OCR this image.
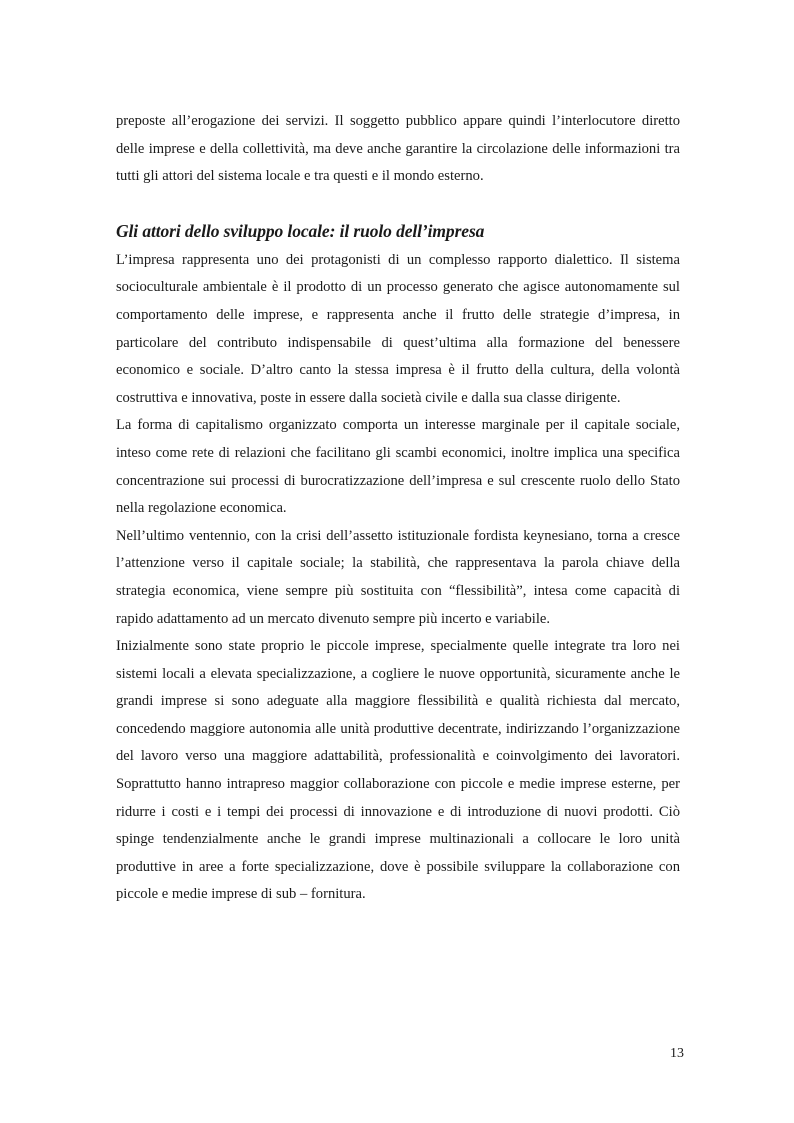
preposte all’erogazione dei servizi. Il soggetto pubblico appare quindi l’interlocutore diretto delle imprese e della collettività, ma deve anche garantire la circolazione delle informazioni tra tutti gli attori del sistema locale e tra questi e il mondo esterno.

Gli attori dello sviluppo locale: il ruolo dell’impresa

L’impresa rappresenta uno dei protagonisti di un complesso rapporto dialettico. Il sistema socioculturale ambientale è il prodotto di un processo generato che agisce autonomamente sul comportamento delle imprese, e rappresenta anche il frutto delle strategie d’impresa, in particolare del contributo indispensabile di quest’ultima alla formazione del benessere economico e sociale. D’altro canto la stessa impresa è il frutto della cultura, della volontà costruttiva e innovativa, poste in essere dalla società civile e dalla sua classe dirigente.

La forma di capitalismo organizzato comporta un interesse marginale per il capitale sociale, inteso come rete di relazioni che facilitano gli scambi economici, inoltre implica una specifica concentrazione sui processi di burocratizzazione dell’impresa e sul crescente ruolo dello Stato nella regolazione economica.

Nell’ultimo ventennio, con la crisi dell’assetto istituzionale fordista keynesiano, torna a cresce l’attenzione verso il capitale sociale; la stabilità, che rappresentava la parola chiave della strategia economica, viene sempre più sostituita con “flessibilità”, intesa come capacità di rapido adattamento ad un mercato divenuto sempre più incerto e variabile.

Inizialmente sono state proprio le piccole imprese, specialmente quelle integrate tra loro nei sistemi locali a elevata specializzazione, a cogliere le nuove opportunità, sicuramente anche le grandi imprese si sono adeguate alla maggiore flessibilità e qualità richiesta dal mercato, concedendo maggiore autonomia alle unità produttive decentrate, indirizzando l’organizzazione del lavoro verso una maggiore adattabilità, professionalità e coinvolgimento dei lavoratori. Soprattutto hanno intrapreso maggior collaborazione con piccole e medie imprese esterne, per ridurre i costi e i tempi dei processi di innovazione e di introduzione di nuovi prodotti. Ciò spinge tendenzialmente anche le grandi imprese multinazionali a collocare le loro unità produttive in aree a forte specializzazione, dove è possibile sviluppare la collaborazione con piccole e medie imprese di sub – fornitura.

13
